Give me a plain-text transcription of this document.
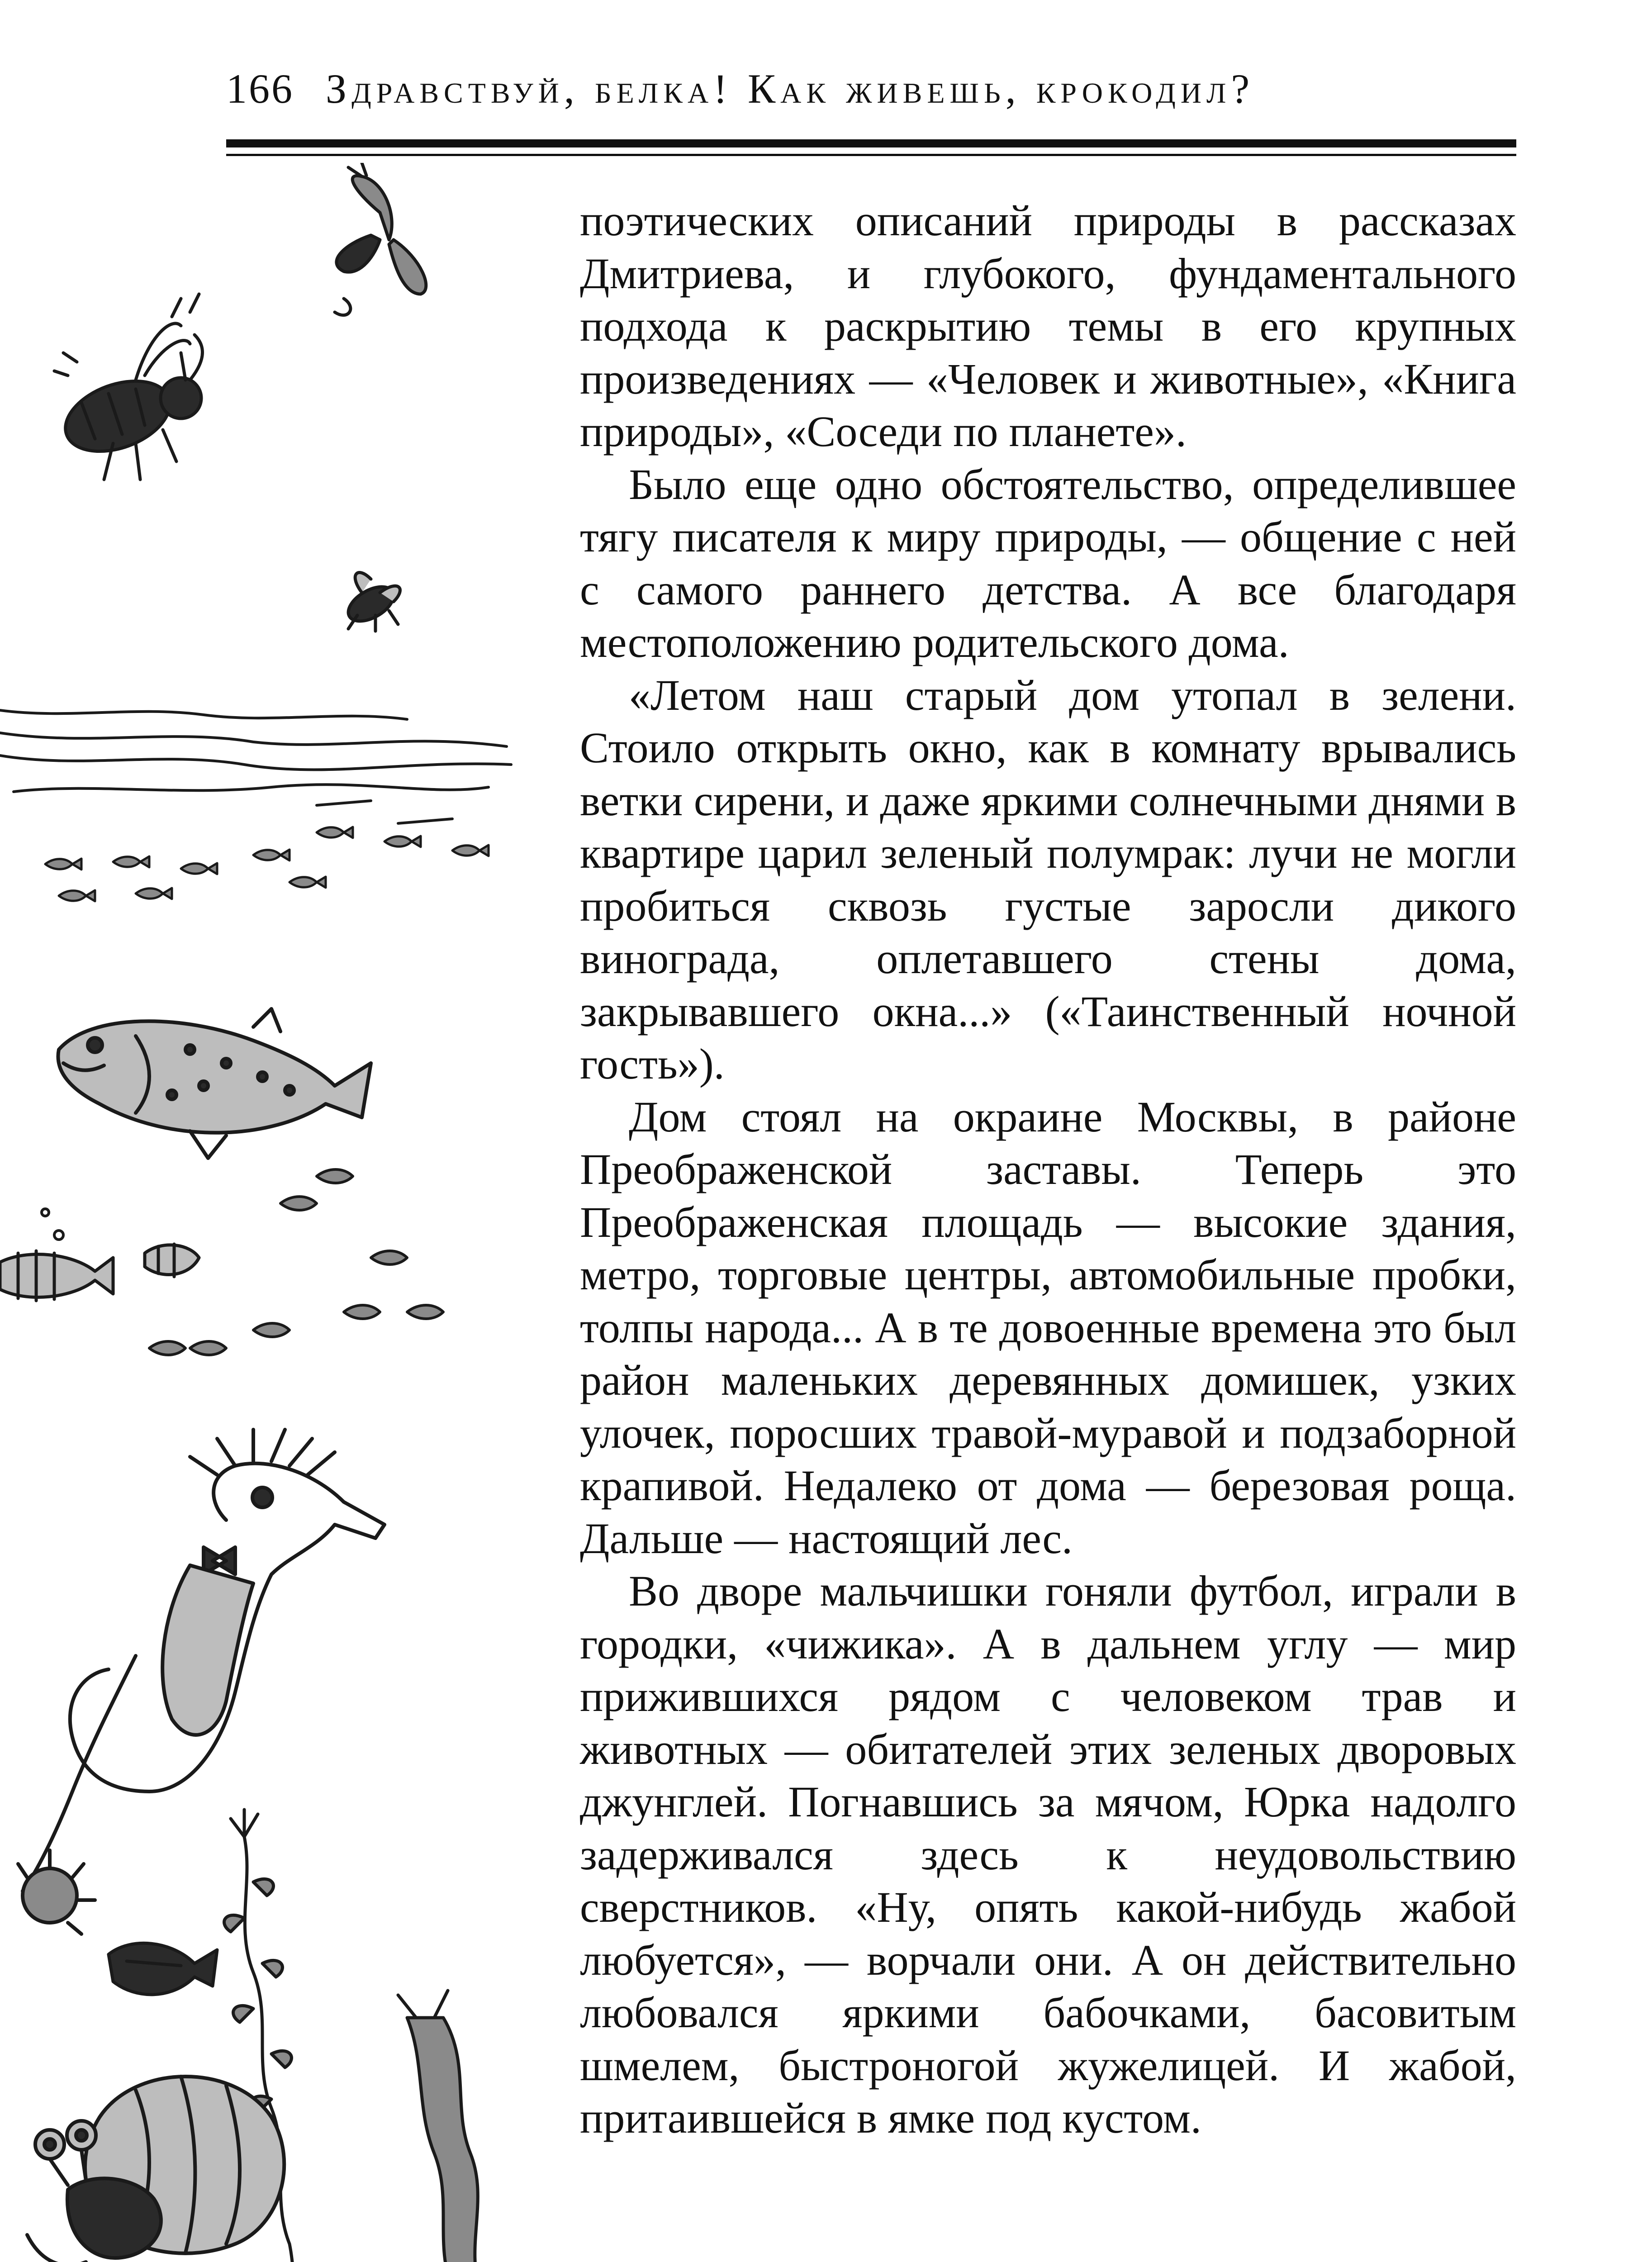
166 Здравствуй, белка! Как живешь, крокодил?

поэтических описаний природы в рассказах Дмитриева, и глубокого, фундаментального подхода к раскрытию темы в его крупных произведениях — «Человек и животные», «Книга природы», «Соседи по планете».

Было еще одно обстоятельство, определившее тягу писателя к миру природы, — общение с ней с самого раннего детства. А все благодаря местоположению родительского дома.

«Летом наш старый дом утопал в зелени. Стоило открыть окно, как в комнату врывались ветки сирени, и даже яркими солнечными днями в квартире царил зеленый полумрак: лучи не могли пробиться сквозь густые заросли дикого винограда, оплетавшего стены дома, закрывавшего окна...» («Таинственный ночной гость»).

Дом стоял на окраине Москвы, в районе Преображенской заставы. Теперь это Преображенская площадь — высокие здания, метро, торговые центры, автомобильные пробки, толпы народа... А в те довоенные времена это был район маленьких деревянных домишек, узких улочек, поросших травой-муравой и подзаборной крапивой. Недалеко от дома — березовая роща. Дальше — настоящий лес.

Во дворе мальчишки гоняли футбол, играли в городки, «чижика». А в дальнем углу — мир прижившихся рядом с человеком трав и животных — обитателей этих зеленых дворовых джунглей. Погнавшись за мячом, Юрка надолго задерживался здесь к неудовольствию сверстников. «Ну, опять какой-нибудь жабой любуется», — ворчали они. А он действительно любовался яркими бабочками, басовитым шмелем, быстроногой жужелицей. И жабой, притаившейся в ямке под кустом.
